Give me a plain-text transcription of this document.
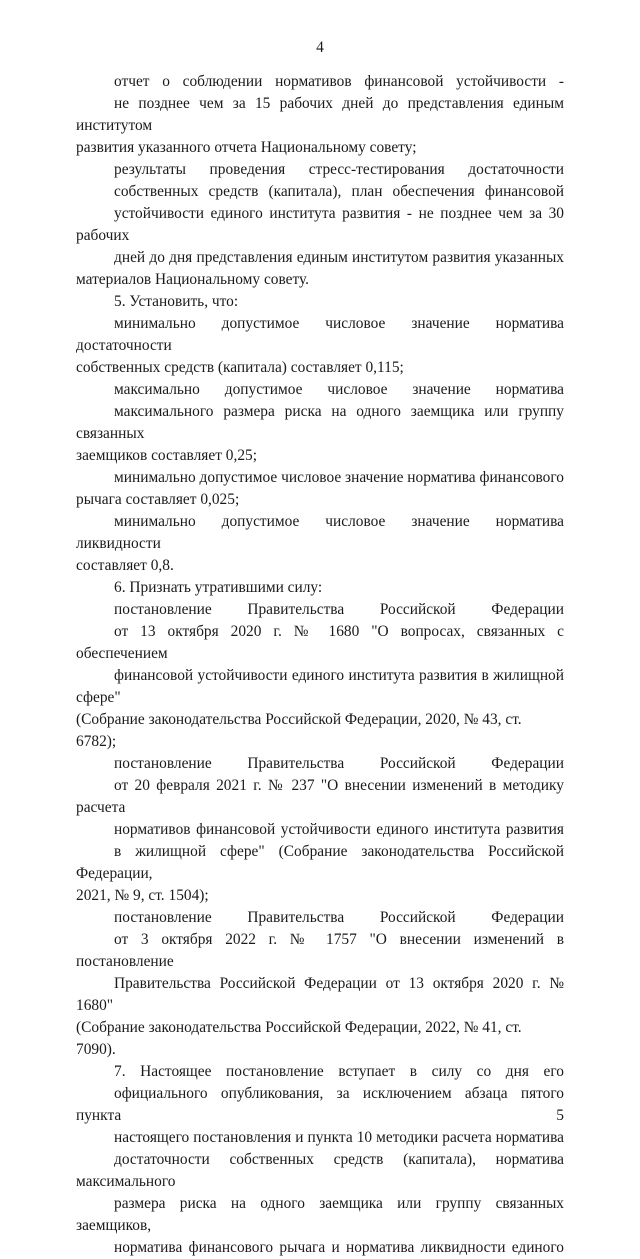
4
отчет о соблюдении нормативов финансовой устойчивости -
не позднее чем за 15 рабочих дней до представления единым институтом
развития указанного отчета Национальному совету;
результаты проведения стресс-тестирования достаточности
собственных средств (капитала), план обеспечения финансовой
устойчивости единого института развития - не позднее чем за 30 рабочих
дней до дня представления единым институтом развития указанных
материалов Национальному совету.
5. Установить, что:
минимально допустимое числовое значение норматива достаточности
собственных средств (капитала) составляет 0,115;
максимально допустимое числовое значение норматива
максимального размера риска на одного заемщика или группу связанных
заемщиков составляет 0,25;
минимально допустимое числовое значение норматива финансового
рычага составляет 0,025;
минимально допустимое числовое значение норматива ликвидности
составляет 0,8.
6. Признать утратившими силу:
постановление Правительства Российской Федерации
от 13 октября 2020 г. № 1680 "О вопросах, связанных с обеспечением
финансовой устойчивости единого института развития в жилищной сфере"
(Собрание законодательства Российской Федерации, 2020, № 43, ст. 6782);
постановление Правительства Российской Федерации
от 20 февраля 2021 г. № 237 "О внесении изменений в методику расчета
нормативов финансовой устойчивости единого института развития
в жилищной сфере" (Собрание законодательства Российской Федерации,
2021, № 9, ст. 1504);
постановление Правительства Российской Федерации
от 3 октября 2022 г. № 1757 "О внесении изменений в постановление
Правительства Российской Федерации от 13 октября 2020 г. № 1680"
(Собрание законодательства Российской Федерации, 2022, № 41, ст. 7090).
7. Настоящее постановление вступает в силу со дня его
официального опубликования, за исключением абзаца пятого пункта 5
настоящего постановления и пункта 10 методики расчета норматива
достаточности собственных средств (капитала), норматива максимального
размера риска на одного заемщика или группу связанных заемщиков,
норматива финансового рычага и норматива ликвидности единого
